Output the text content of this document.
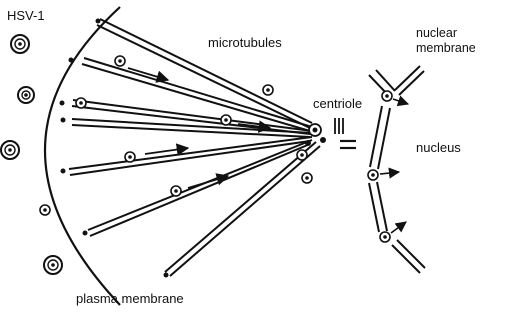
HSV-1
microtubules
centriole
nuclear
membrane
nucleus
plasma membrane
